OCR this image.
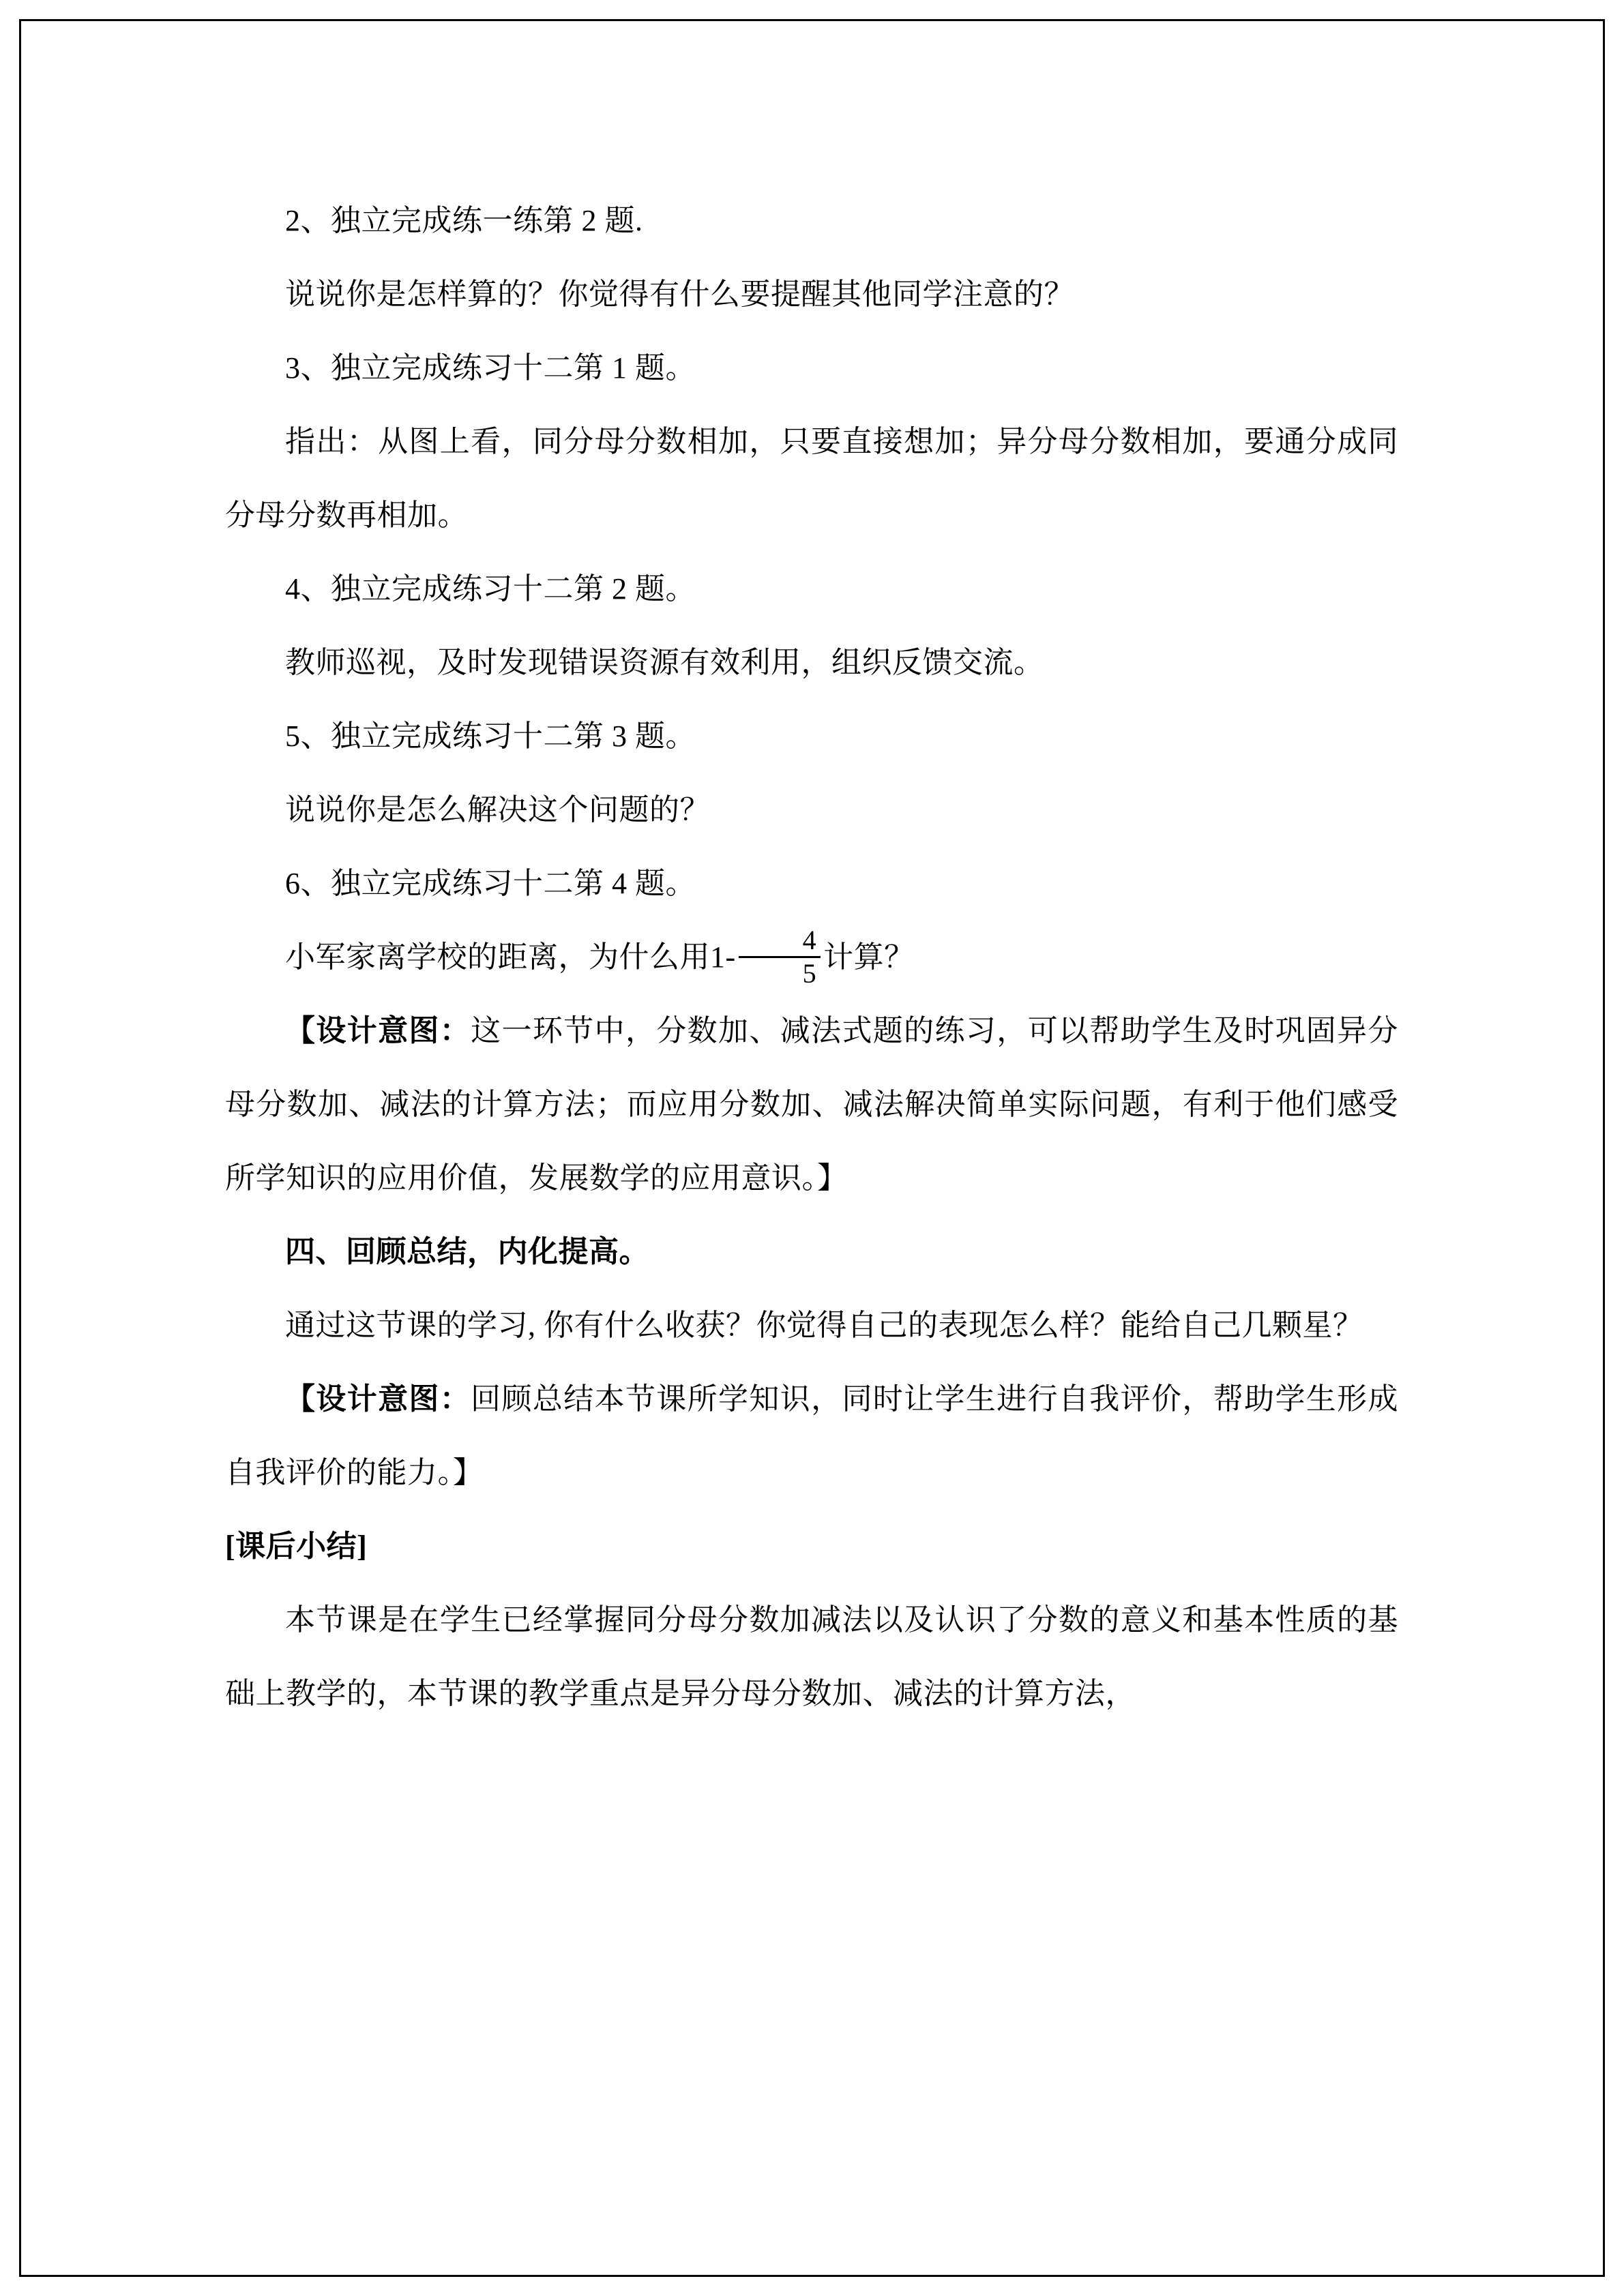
2、独立完成练一练第 2 题.

说说你是怎样算的？你觉得有什么要提醒其他同学注意的？

3、独立完成练习十二第 1 题。

指出：从图上看，同分母分数相加，只要直接想加；异分母分数相加，要通分成同分母分数再相加。

4、独立完成练习十二第 2 题。

教师巡视，及时发现错误资源有效利用，组织反馈交流。

5、独立完成练习十二第 3 题。

说说你是怎么解决这个问题的？

6、独立完成练习十二第 4 题。

小军家离学校的距离，为什么用$1- \frac{4}{5}$ 计算？

【设计意图：这一环节中，分数加、减法式题的练习，可以帮助学生及时巩固异分母分数加、减法的计算方法；而应用分数加、减法解决简单实际问题，有利于他们感受所学知识的应用价值，发展数学的应用意识。】

四、回顾总结，内化提高。

通过这节课的学习, 你有什么收获？你觉得自己的表现怎么样？能给自己几颗星？

【设计意图：回顾总结本节课所学知识，同时让学生进行自我评价，帮助学生形成自我评价的能力。】

[课后小结]

本节课是在学生已经掌握同分母分数加减法以及认识了分数的意义和基本性质的基础上教学的，本节课的教学重点是异分母分数加、减法的计算方法，
